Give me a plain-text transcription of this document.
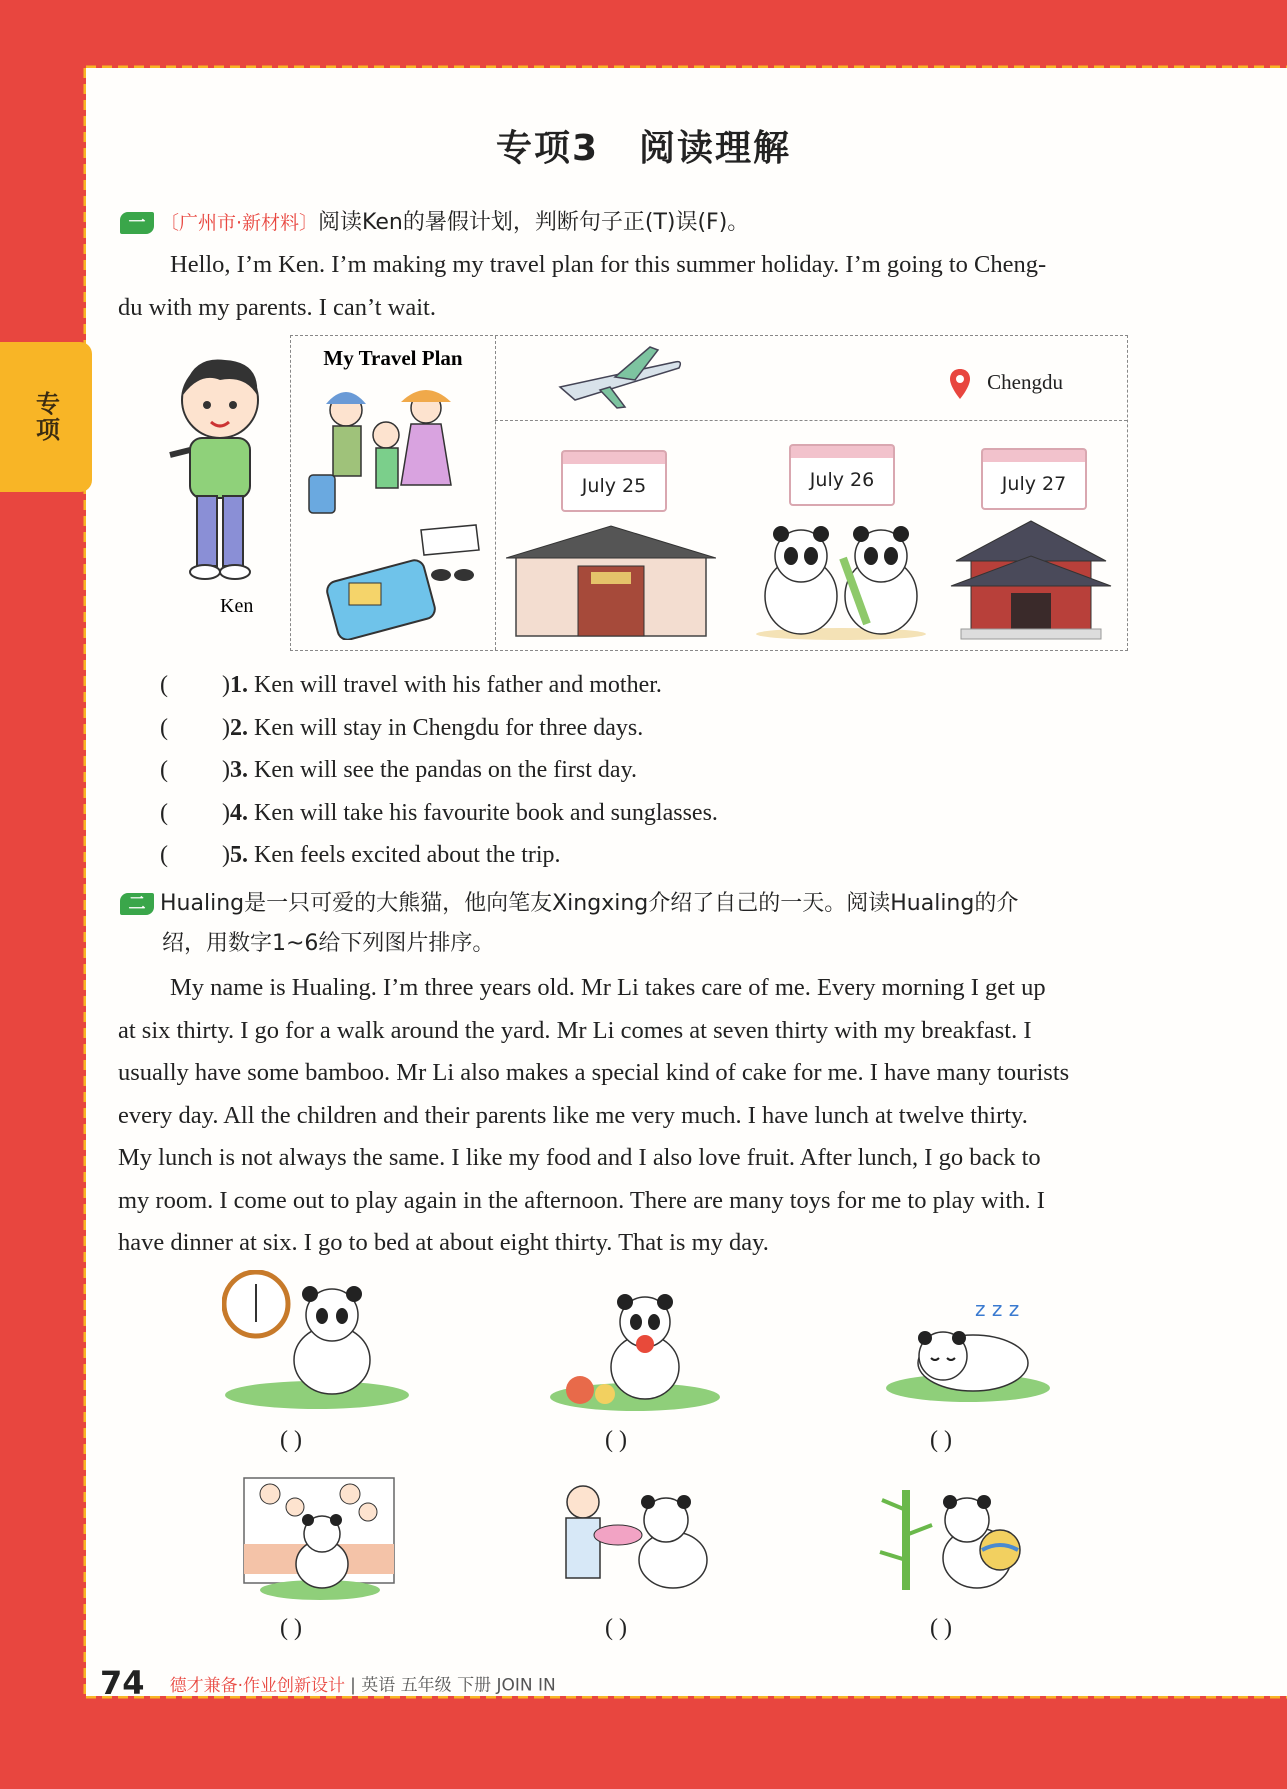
专项
专项3 阅读理解
一 〔广州市·新材料〕阅读Ken的暑假计划，判断句子正(T)误(F)。
Hello, I’m Ken. I’m making my travel plan for this summer holiday. I’m going to Cheng-
du with my parents. I can’t wait.
Ken
My Travel Plan
Chengdu
July 25	July 26	July 27
(         )1. Ken will travel with his father and mother.
(         )2. Ken will stay in Chengdu for three days.
(         )3. Ken will see the pandas on the first day.
(         )4. Ken will take his favourite book and sunglasses.
(         )5. Ken feels excited about the trip.
二 Hualing是一只可爱的大熊猫，他向笔友Xingxing介绍了自己的一天。阅读Hualing的介
绍，用数字1~6给下列图片排序。
My name is Hualing. I’m three years old. Mr Li takes care of me. Every morning I get up
at six thirty. I go for a walk around the yard. Mr Li comes at seven thirty with my breakfast. I
usually have some bamboo. Mr Li also makes a special kind of cake for me. I have many tourists
every day. All the children and their parents like me very much. I have lunch at twelve thirty.
My lunch is not always the same. I like my food and I also love fruit. After lunch, I go back to
my room. I come out to play again in the afternoon. There are many toys for me to play with. I
have dinner at six. I go to bed at about eight thirty. That is my day.
z z z
( )	( )	( )
( )	( )	( )
74 德才兼备·作业创新设计 | 英语 五年级 下册 JOIN IN
